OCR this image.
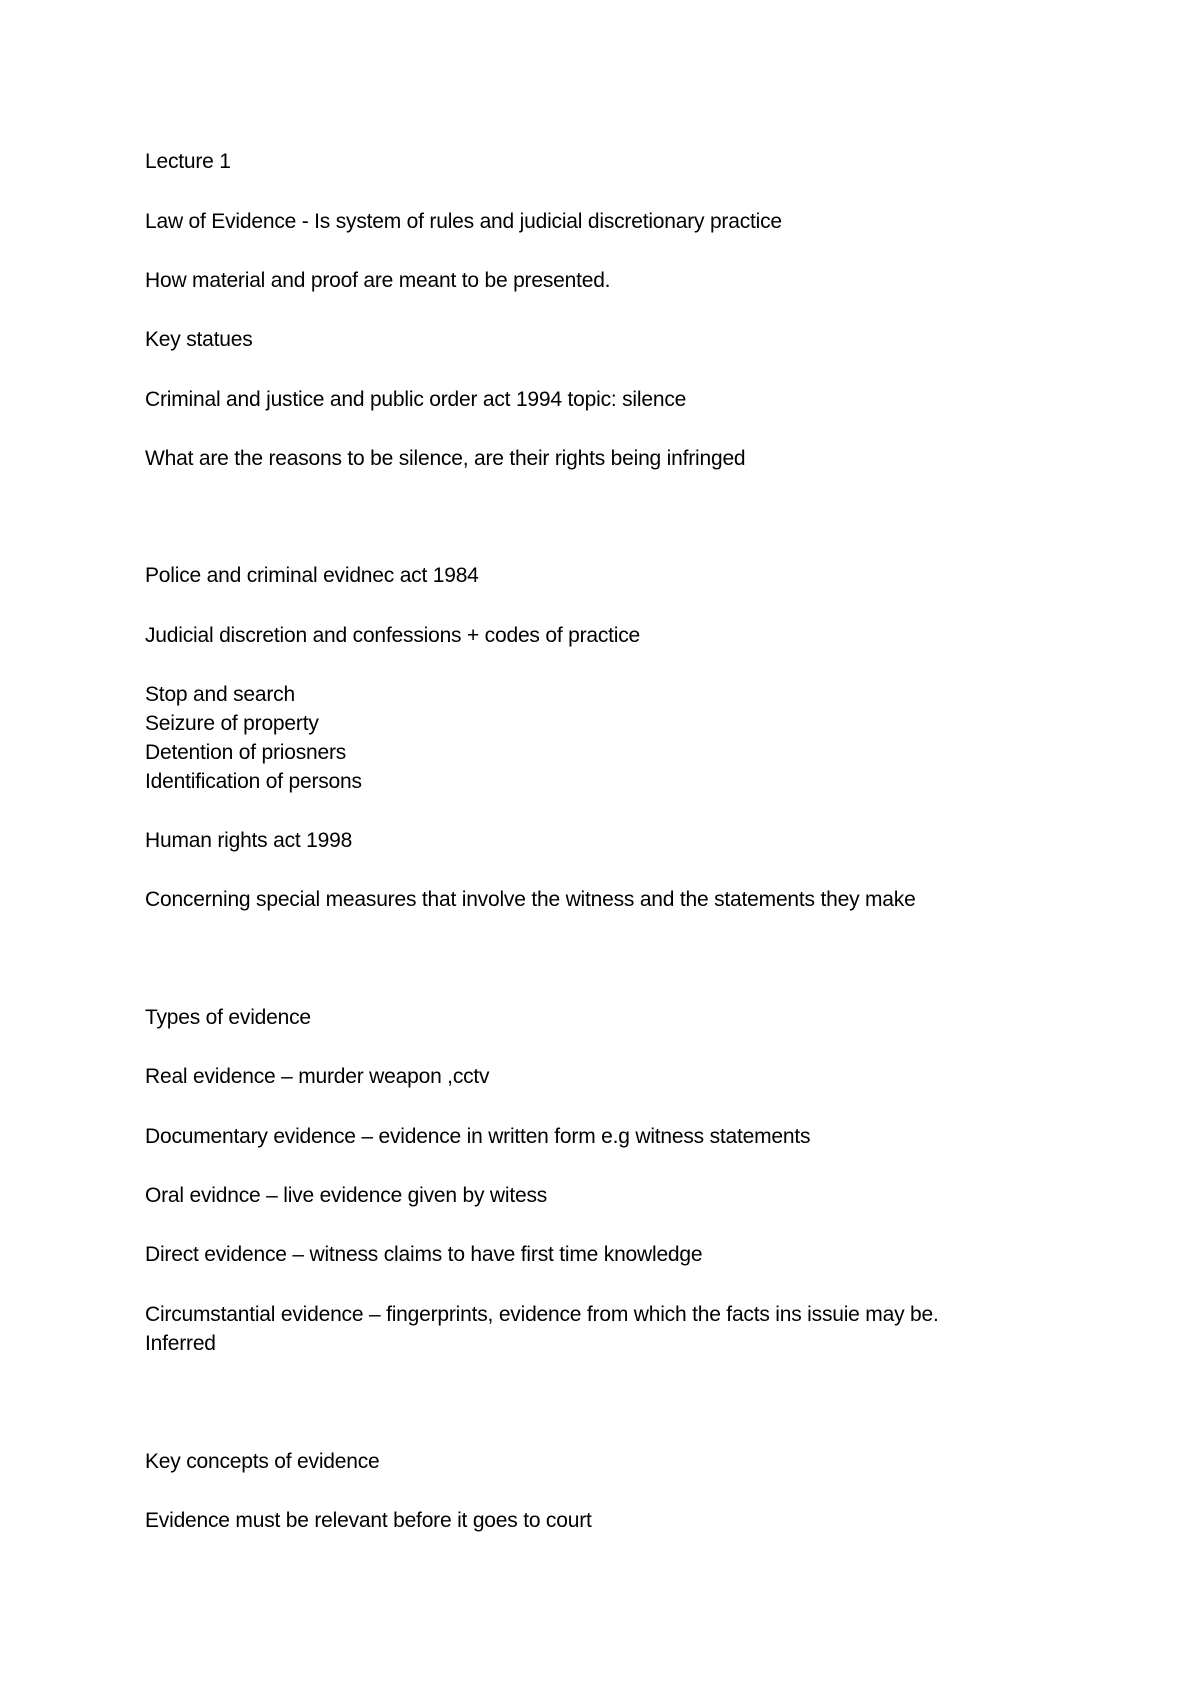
Lecture 1
Law of Evidence - Is system of rules and judicial discretionary practice
How material and proof are meant to be presented.
Key statues
Criminal and justice and public order act 1994 topic: silence
What are the reasons to be silence, are their rights being infringed
Police and criminal evidnec act 1984
Judicial discretion and confessions + codes of practice
Stop and search
Seizure of property
Detention of priosners
Identification of persons
Human rights act 1998
Concerning special measures that involve the witness and the statements they make
Types of evidence
Real evidence – murder weapon ,cctv
Documentary evidence – evidence in written form e.g witness statements
Oral evidnce – live evidence given by witess
Direct evidence – witness claims to have first time knowledge
Circumstantial evidence – fingerprints, evidence from which the facts ins issuie may be.
Inferred
Key concepts of evidence
Evidence must be relevant before it goes to court
